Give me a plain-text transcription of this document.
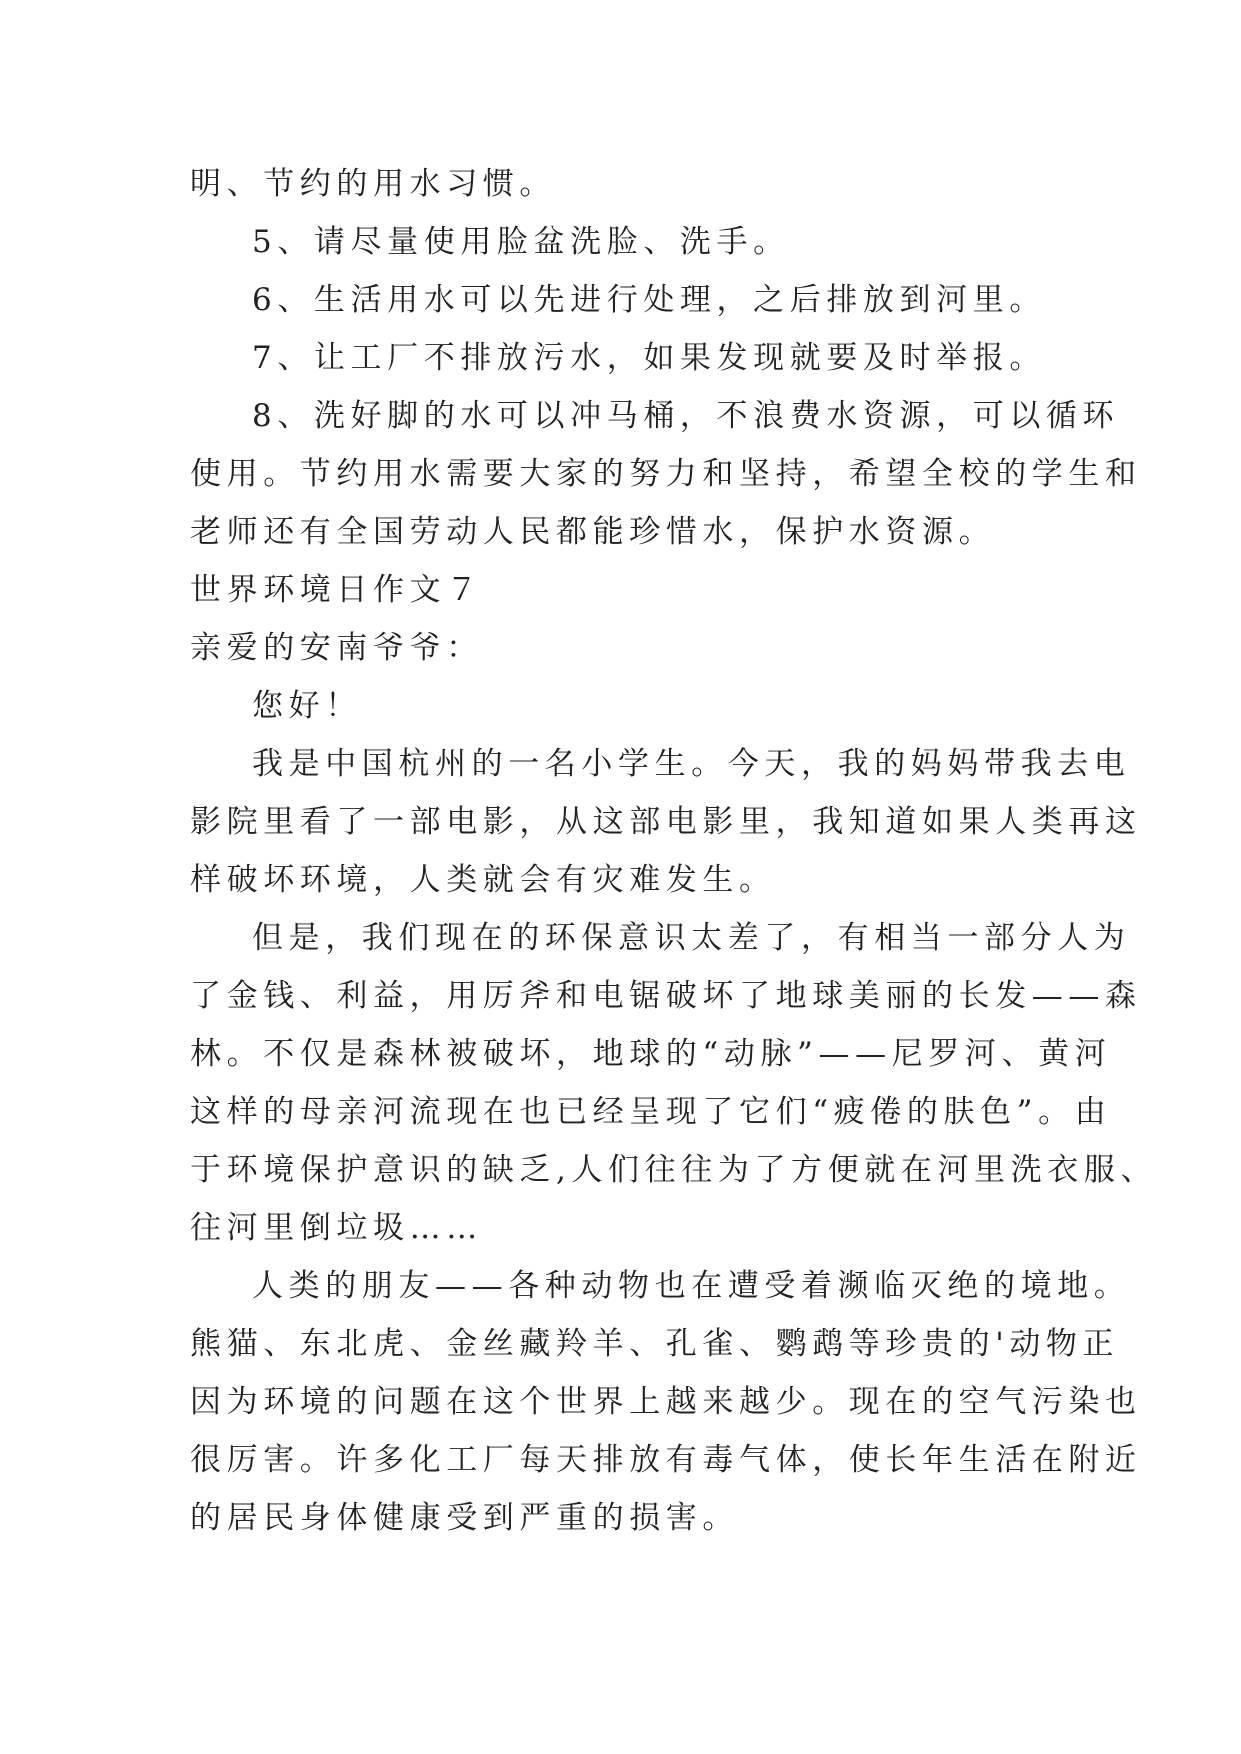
明、节约的用水习惯。
5、请尽量使用脸盆洗脸、洗手。
6、生活用水可以先进行处理，之后排放到河里。
7、让工厂不排放污水，如果发现就要及时举报。
8、洗好脚的水可以冲马桶，不浪费水资源，可以循环
使用。节约用水需要大家的努力和坚持，希望全校的学生和
老师还有全国劳动人民都能珍惜水，保护水资源。
世界环境日作文７
亲爱的安南爷爷：
您好！
我是中国杭州的一名小学生。今天，我的妈妈带我去电
影院里看了一部电影，从这部电影里，我知道如果人类再这
样破坏环境，人类就会有灾难发生。
但是，我们现在的环保意识太差了，有相当一部分人为
了金钱、利益，用厉斧和电锯破坏了地球美丽的长发——森
林。不仅是森林被破坏，地球的“动脉”——尼罗河、黄河
这样的母亲河流现在也已经呈现了它们“疲倦的肤色”。由
于环境保护意识的缺乏,人们往往为了方便就在河里洗衣服、
往河里倒垃圾……
人类的朋友——各种动物也在遭受着濒临灭绝的境地。
熊猫、东北虎、金丝藏羚羊、孔雀、鹦鹉等珍贵的'动物正
因为环境的问题在这个世界上越来越少。现在的空气污染也
很厉害。许多化工厂每天排放有毒气体，使长年生活在附近
的居民身体健康受到严重的损害。
